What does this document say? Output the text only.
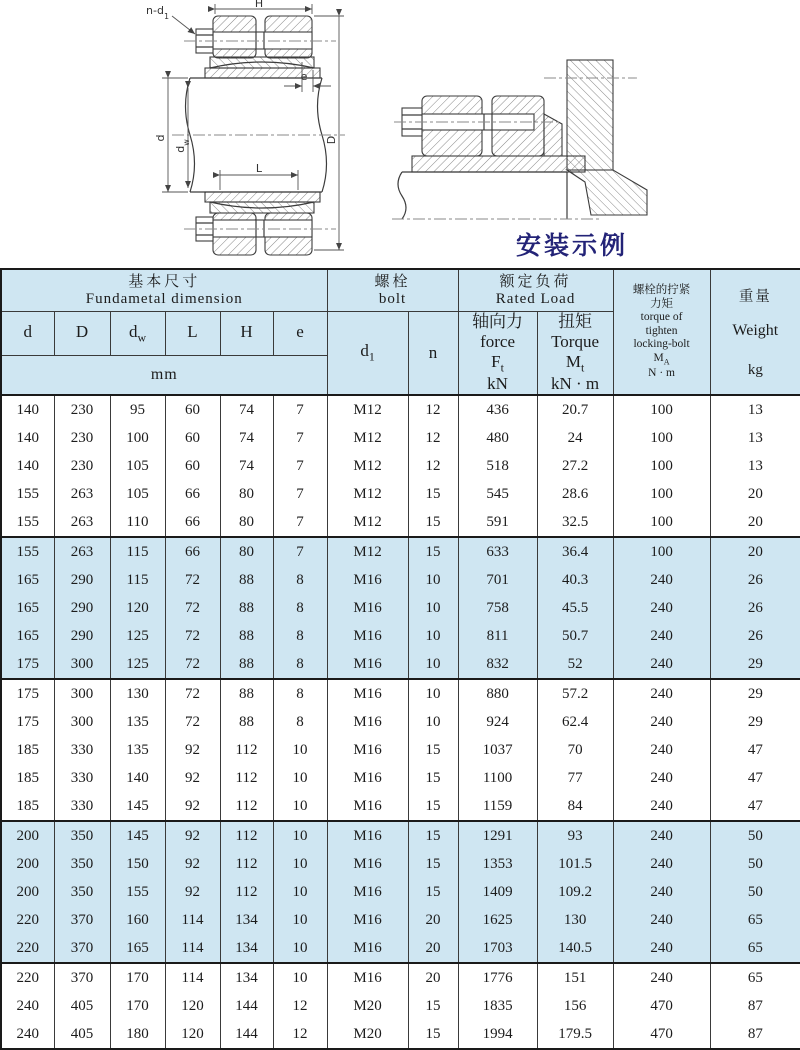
H
$n-d_1$
e
d
$d_w$
L
D
安装示例
基本尺寸
Fundametal dimension

螺栓
bolt

额定负荷
Rated Load

螺栓的拧紧
力矩
torque of
tighten
locking-bolt
$M_A$
N · m

重量
Weight
kg

d	D	$d_w$	L	H	e	$d_1$	n	
轴向力
force
$F_t$
kN

扭矩
Torque
$M_t$
kN · m

mm											
140	230	95	60	74	7	M12	12	436	20.7	100	13
140	230	100	60	74	7	M12	12	480	24	100	13
140	230	105	60	74	7	M12	12	518	27.2	100	13
155	263	105	66	80	7	M12	15	545	28.6	100	20
155	263	110	66	80	7	M12	15	591	32.5	100	20
155	263	115	66	80	7	M12	15	633	36.4	100	20
165	290	115	72	88	8	M16	10	701	40.3	240	26
165	290	120	72	88	8	M16	10	758	45.5	240	26
165	290	125	72	88	8	M16	10	811	50.7	240	26
175	300	125	72	88	8	M16	10	832	52	240	29
175	300	130	72	88	8	M16	10	880	57.2	240	29
175	300	135	72	88	8	M16	10	924	62.4	240	29
185	330	135	92	112	10	M16	15	1037	70	240	47
185	330	140	92	112	10	M16	15	1100	77	240	47
185	330	145	92	112	10	M16	15	1159	84	240	47
200	350	145	92	112	10	M16	15	1291	93	240	50
200	350	150	92	112	10	M16	15	1353	101.5	240	50
200	350	155	92	112	10	M16	15	1409	109.2	240	50
220	370	160	114	134	10	M16	20	1625	130	240	65
220	370	165	114	134	10	M16	20	1703	140.5	240	65
220	370	170	114	134	10	M16	20	1776	151	240	65
240	405	170	120	144	12	M20	15	1835	156	470	87
240	405	180	120	144	12	M20	15	1994	179.5	470	87
